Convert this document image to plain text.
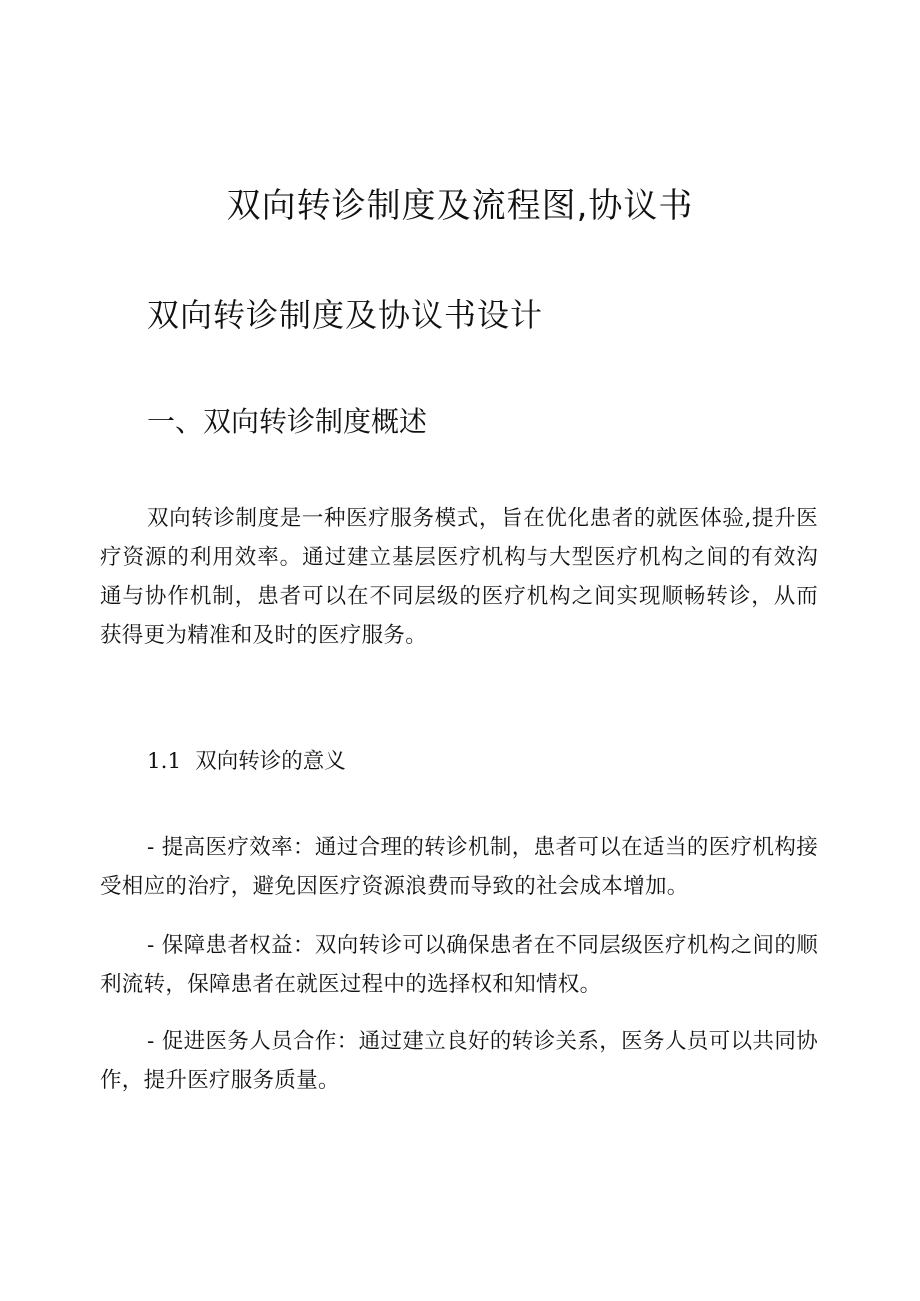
双向转诊制度及流程图,协议书
双向转诊制度及协议书设计
一、双向转诊制度概述

双向转诊制度是一种医疗服务模式，旨在优化患者的就医体验,提升医疗资源的利用效率。通过建立基层医疗机构与大型医疗机构之间的有效沟通与协作机制，患者可以在不同层级的医疗机构之间实现顺畅转诊，从而获得更为精准和及时的医疗服务。

1.1 双向转诊的意义

- 提高医疗效率：通过合理的转诊机制，患者可以在适当的医疗机构接受相应的治疗，避免因医疗资源浪费而导致的社会成本增加。

- 保障患者权益：双向转诊可以确保患者在不同层级医疗机构之间的顺利流转，保障患者在就医过程中的选择权和知情权。

- 促进医务人员合作：通过建立良好的转诊关系，医务人员可以共同协作，提升医疗服务质量。
